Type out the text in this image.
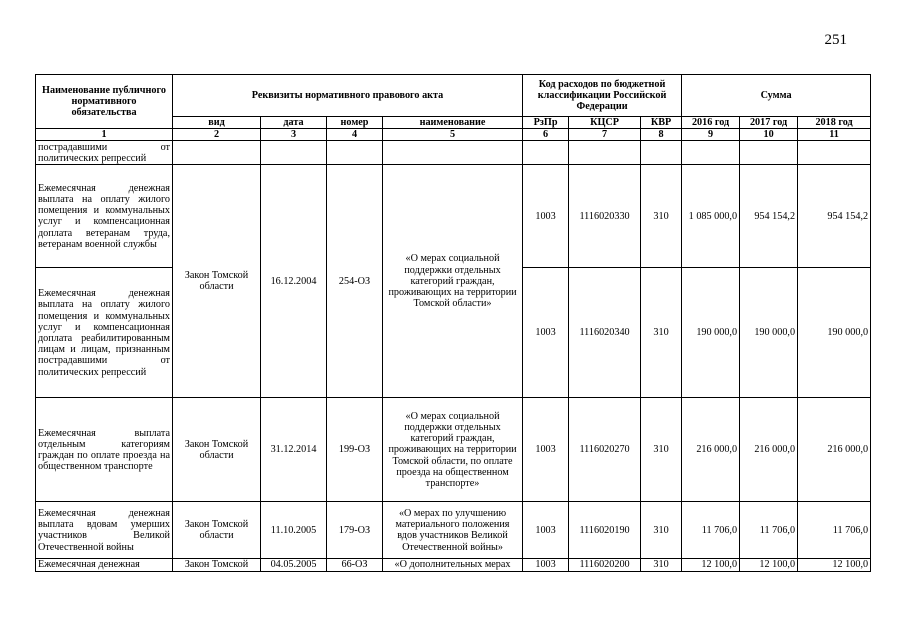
251
Наименование публичного нормативного обязательства	Реквизиты нормативного правового акта				Код расходов по бюджетной классификации Российской Федерации			Сумма		
	вид	дата	номер	наименование	РзПр	КЦСР	КВР	2016 год	2017 год	2018 год
1	2	3	4	5	6	7	8	9	10	11
пострадавшими от политических репрессий										
Ежемесячная денежная выплата на оплату жилого помещения и коммунальных услуг и компенсационная доплата ветеранам труда, ветеранам военной службы	Закон Томской области	16.12.2004	254-ОЗ	«О мерах социальной поддержки отдельных категорий граждан, проживающих на территории Томской области»	1003	1116020330	310	1 085 000,0	954 154,2	954 154,2
Ежемесячная денежная выплата на оплату жилого помещения и коммунальных услуг и компенсационная доплата реабилитированным лицам и лицам, признанным пострадавшими от политических репрессий					1003	1116020340	310	190 000,0	190 000,0	190 000,0
Ежемесячная выплата отдельным категориям граждан по оплате проезда на общественном транспорте	Закон Томской области	31.12.2014	199-ОЗ	«О мерах социальной поддержки отдельных категорий граждан, проживающих на территории Томской области, по оплате проезда на общественном транспорте»	1003	1116020270	310	216 000,0	216 000,0	216 000,0
Ежемесячная денежная выплата вдовам умерших участников Великой Отечественной войны	Закон Томской области	11.10.2005	179-ОЗ	«О мерах по улучшению материального положения вдов участников Великой Отечественной войны»	1003	1116020190	310	11 706,0	11 706,0	11 706,0
Ежемесячная денежная	Закон Томской	04.05.2005	66-ОЗ	«О дополнительных мерах	1003	1116020200	310	12 100,0	12 100,0	12 100,0
